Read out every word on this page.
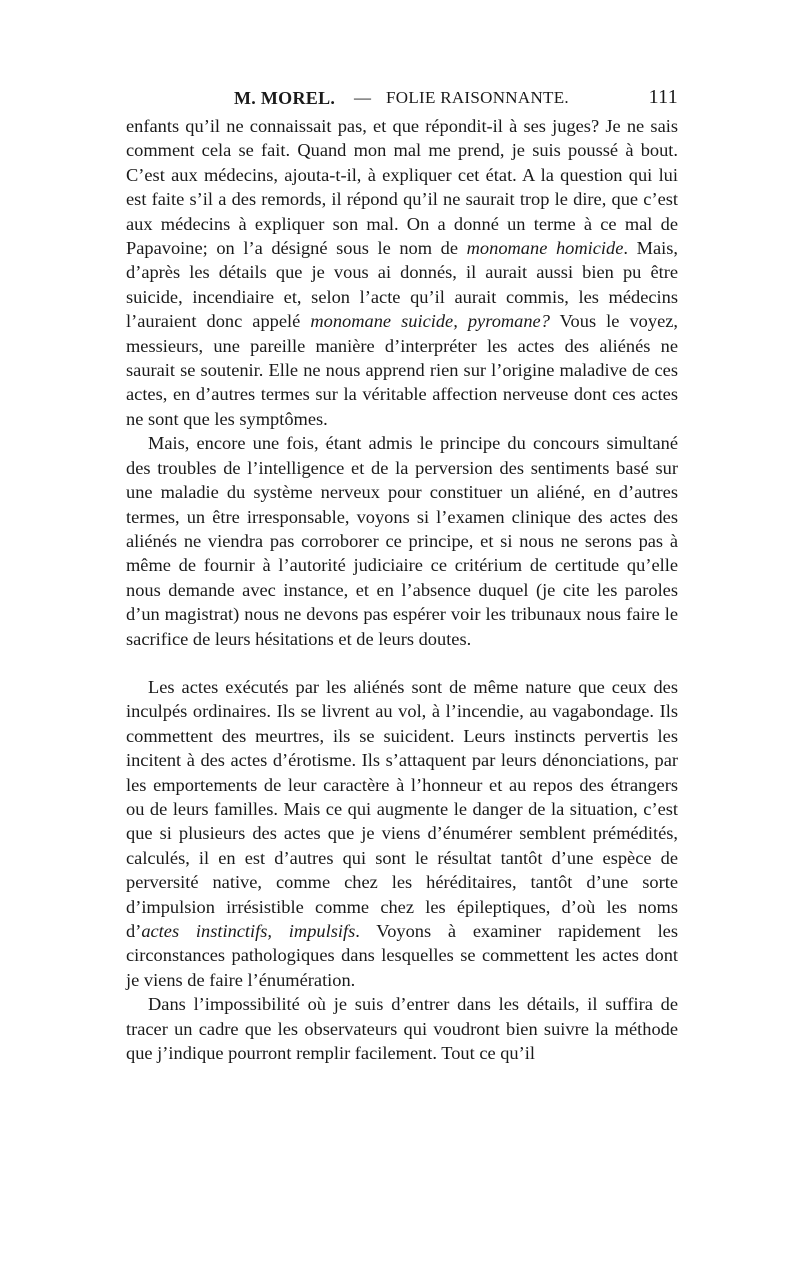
M. MOREL. — FOLIE RAISONNANTE.	111

enfants qu’il ne connaissait pas, et que répondit-il à ses juges? Je ne sais comment cela se fait. Quand mon mal me prend, je suis poussé à bout. C’est aux médecins, ajouta-t-il, à expliquer cet état. A la question qui lui est faite s’il a des remords, il répond qu’il ne saurait trop le dire, que c’est aux médecins à expliquer son mal. On a donné un terme à ce mal de Papavoine; on l’a désigné sous le nom de monomane homicide. Mais, d’après les détails que je vous ai donnés, il aurait aussi bien pu être suicide, incendiaire et, selon l’acte qu’il aurait commis, les médecins l’auraient donc appelé monomane suicide, pyromane? Vous le voyez, messieurs, une pareille manière d’interpréter les actes des aliénés ne saurait se soutenir. Elle ne nous apprend rien sur l’origine maladive de ces actes, en d’autres termes sur la véritable affection nerveuse dont ces actes ne sont que les symptômes.

Mais, encore une fois, étant admis le principe du concours simultané des troubles de l’intelligence et de la perversion des sentiments basé sur une maladie du système nerveux pour constituer un aliéné, en d’autres termes, un être irresponsable, voyons si l’examen clinique des actes des aliénés ne viendra pas corroborer ce principe, et si nous ne serons pas à même de fournir à l’autorité judiciaire ce critérium de certitude qu’elle nous demande avec instance, et en l’absence duquel (je cite les paroles d’un magistrat) nous ne devons pas espérer voir les tribunaux nous faire le sacrifice de leurs hésitations et de leurs doutes.

Les actes exécutés par les aliénés sont de même nature que ceux des inculpés ordinaires. Ils se livrent au vol, à l’incendie, au vagabondage. Ils commettent des meurtres, ils se suicident. Leurs instincts pervertis les incitent à des actes d’érotisme. Ils s’attaquent par leurs dénonciations, par les emportements de leur caractère à l’honneur et au repos des étrangers ou de leurs familles. Mais ce qui augmente le danger de la situation, c’est que si plusieurs des actes que je viens d’énumérer semblent prémédités, calculés, il en est d’autres qui sont le résultat tantôt d’une espèce de perversité native, comme chez les héréditaires, tantôt d’une sorte d’impulsion irrésistible comme chez les épileptiques, d’où les noms d’actes instinctifs, impulsifs. Voyons à examiner rapidement les circonstances pathologiques dans lesquelles se commettent les actes dont je viens de faire l’énumération.

Dans l’impossibilité où je suis d’entrer dans les détails, il suffira de tracer un cadre que les observateurs qui voudront bien suivre la méthode que j’indique pourront remplir facilement. Tout ce qu’il
